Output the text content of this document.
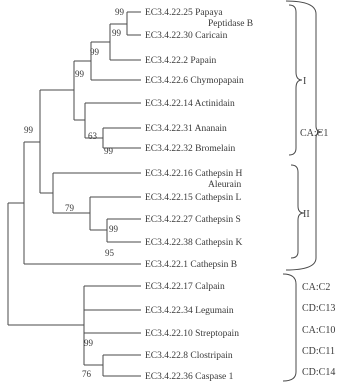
EC3.4.22.25 Papaya
Peptidase B
EC3.4.22.30 Caricain
EC3.4.22.2 Papain
EC3.4.22.6 Chymopapain
EC3.4.22.14 Actinidain
EC3.4.22.31 Ananain
EC3.4.22.32 Bromelain
EC3.4.22.16 Cathepsin H
Aleurain
EC3.4.22.15 Cathepsin L
EC3.4.22.27 Cathepsin S
EC3.4.22.38 Cathepsin K
EC3.4.22.1 Cathepsin B
EC3.4.22.17 Calpain
EC3.4.22.34 Legumain
EC3.4.22.10 Streptopain
EC3.4.22.8 Clostripain
EC3.4.22.36 Caspase 1
99
99
99
99
63
99
79
99
95
99
99
76
I
II
CA:C1
CA:C2
CD:C13
CA:C10
CD:C11
CD:C14
